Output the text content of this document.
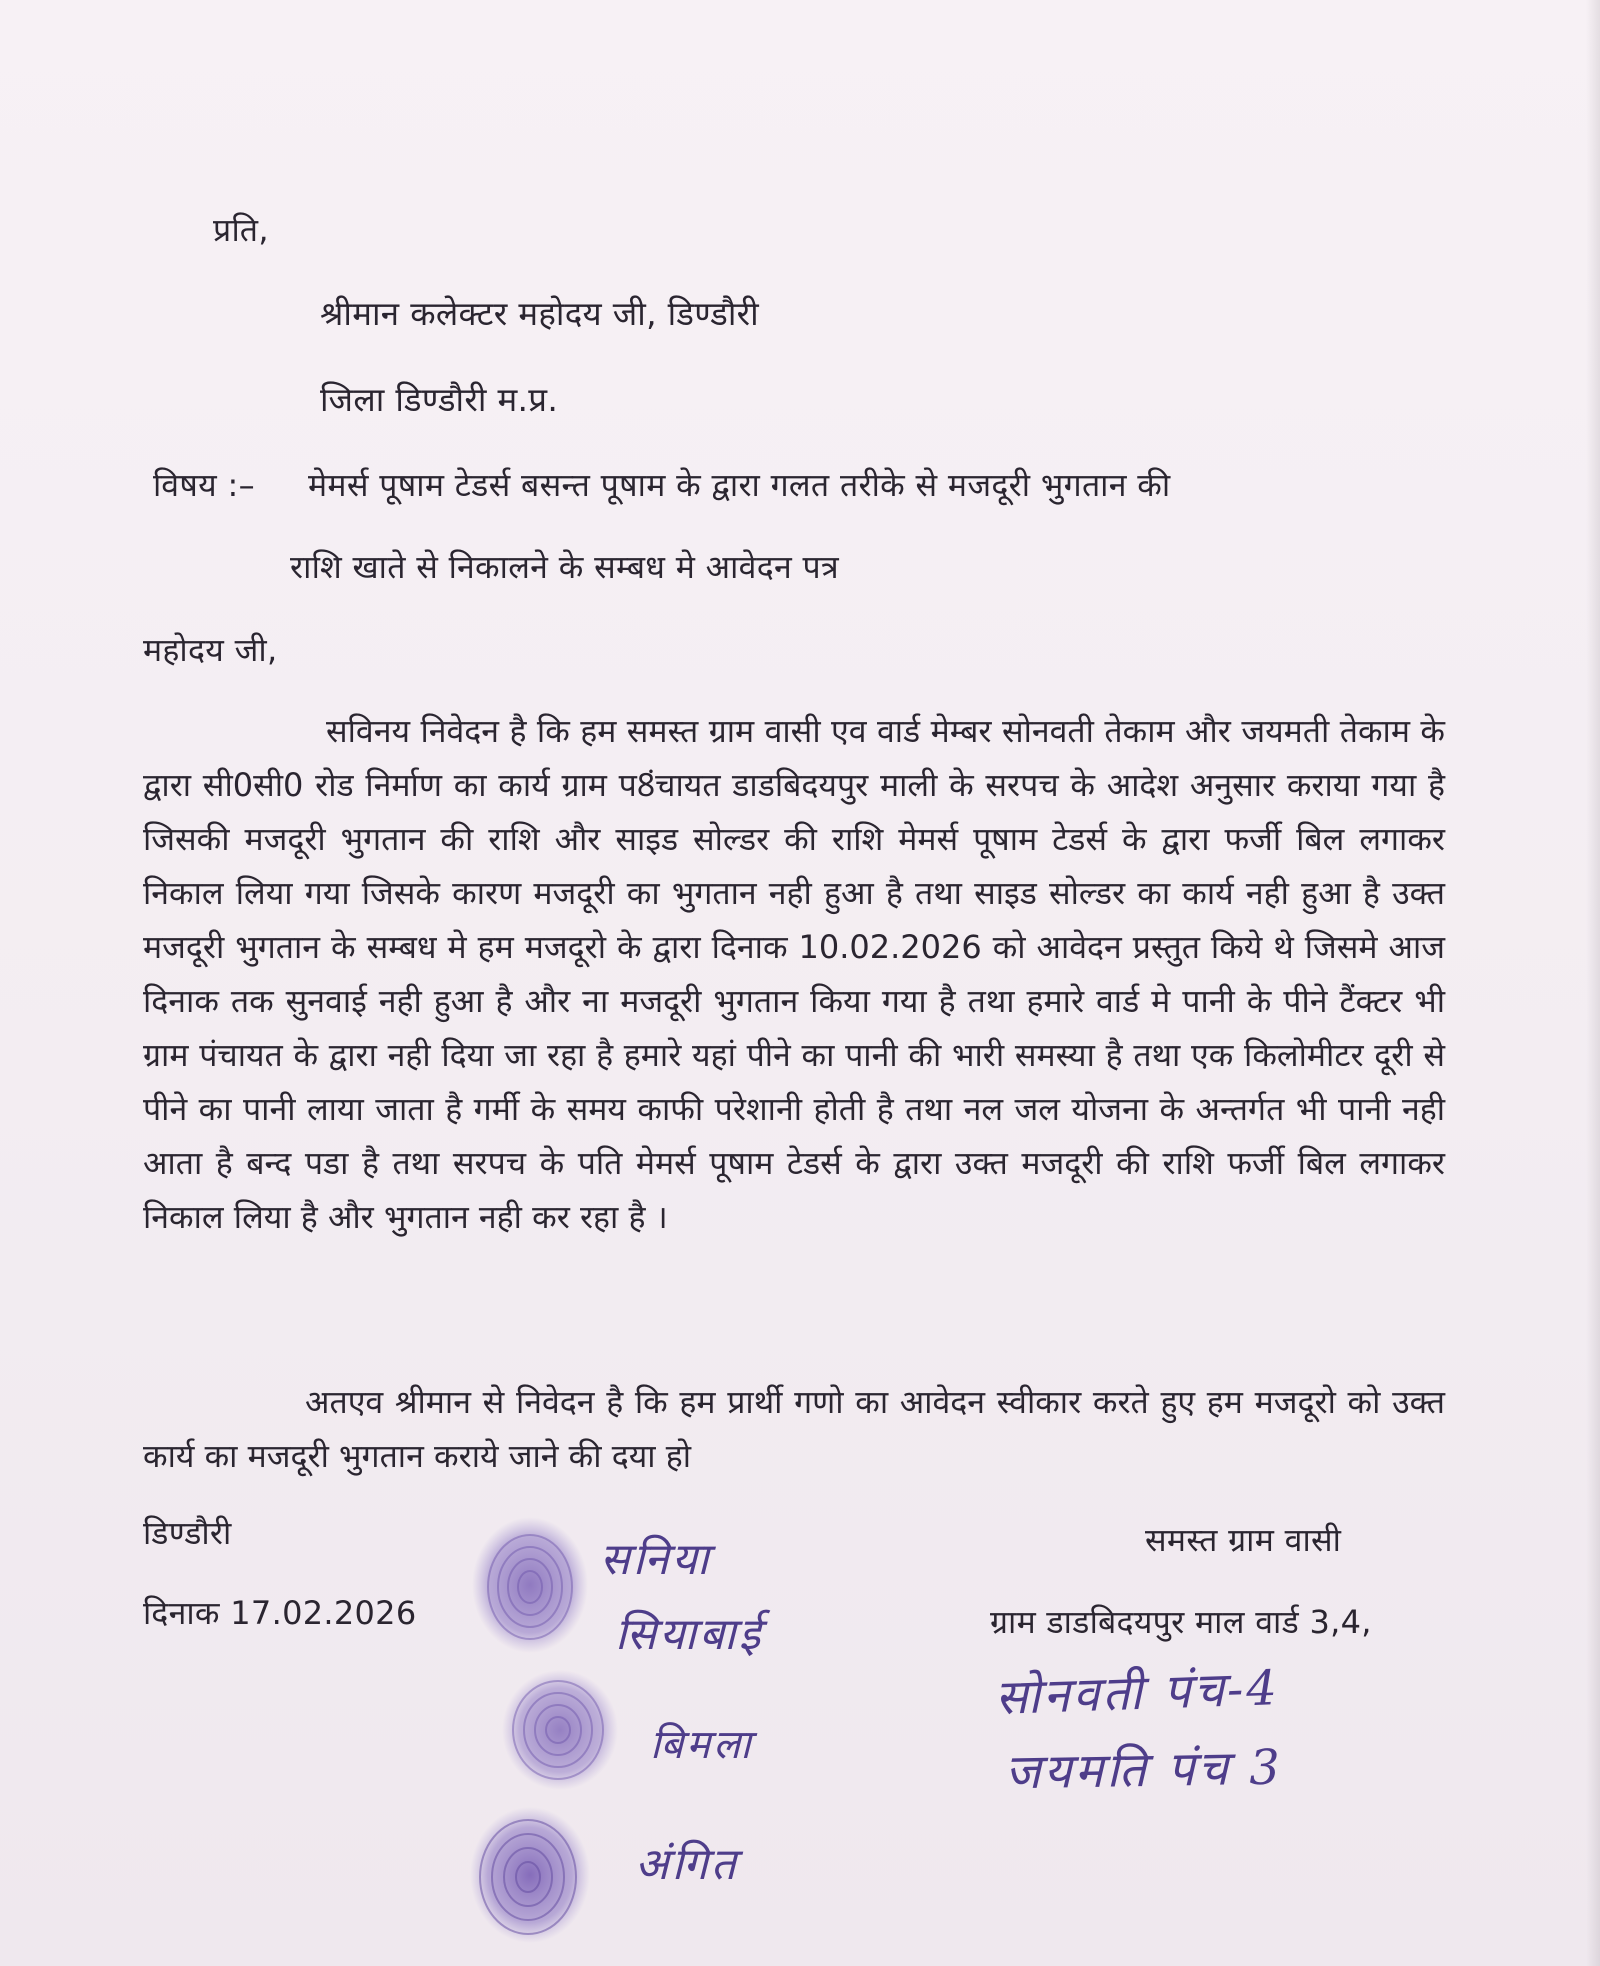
प्रति,
श्रीमान कलेक्टर महोदय जी, डिण्डौरी
जिला डिण्डौरी म.प्र.
विषय :– मेमर्स पूषाम टेडर्स बसन्त पूषाम के द्वारा गलत तरीके से मजदूरी भुगतान की
राशि खाते से निकालने के सम्बध मे आवेदन पत्र
महोदय जी,
सविनय निवेदन है कि हम समस्त ग्राम वासी एव वार्ड मेम्बर सोनवती तेकाम और जयमती तेकाम के द्वारा सी0सी0 रोड निर्माण का कार्य ग्राम प8ंचायत डाडबिदयपुर माली के सरपच के आदेश अनुसार कराया गया है जिसकी मजदूरी भुगतान की राशि और साइड सोल्डर की राशि मेमर्स पूषाम टेडर्स के द्वारा फर्जी बिल लगाकर निकाल लिया गया जिसके कारण मजदूरी का भुगतान नही हुआ है तथा साइड सोल्डर का कार्य नही हुआ है उक्त मजदूरी भुगतान के सम्बध मे हम मजदूरो के द्वारा दिनाक 10.02.2026 को आवेदन प्रस्तुत किये थे जिसमे आज दिनाक तक सुनवाई नही हुआ है और ना मजदूरी भुगतान किया गया है तथा हमारे वार्ड मे पानी के पीने टैंक्टर भी ग्राम पंचायत के द्वारा नही दिया जा रहा है हमारे यहां पीने का पानी की भारी समस्या है तथा एक किलोमीटर दूरी से पीने का पानी लाया जाता है गर्मी के समय काफी परेशानी होती है तथा नल जल योजना के अन्तर्गत भी पानी नही आता है बन्द पडा है तथा सरपच के पति मेमर्स पूषाम टेडर्स के द्वारा उक्त मजदूरी की राशि फर्जी बिल लगाकर निकाल लिया है और भुगतान नही कर रहा है ।
अतएव श्रीमान से निवेदन है कि हम प्रार्थी गणो का आवेदन स्वीकार करते हुए हम मजदूरो को उक्त कार्य का मजदूरी भुगतान कराये जाने की दया हो
डिण्डौरी
दिनाक 17.02.2026
समस्त ग्राम वासी
ग्राम डाडबिदयपुर माल वार्ड 3,4,
सनिया
सियाबाई
बिमला
अंगित
सोनवती पंच-4
जयमति पंच 3
